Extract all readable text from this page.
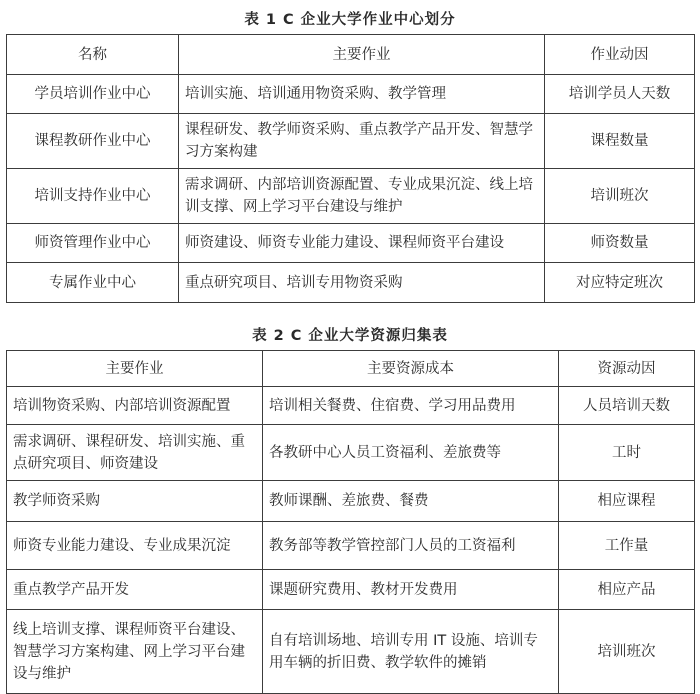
表 1 C 企业大学作业中心划分
名称	主要作业	作业动因
学员培训作业中心	培训实施、培训通用物资采购、教学管理	培训学员人天数
课程教研作业中心	课程研发、教学师资采购、重点教学产品开发、智慧学习方案构建	课程数量
培训支持作业中心	需求调研、内部培训资源配置、专业成果沉淀、线上培训支撑、网上学习平台建设与维护	培训班次
师资管理作业中心	师资建设、师资专业能力建设、课程师资平台建设	师资数量
专属作业中心	重点研究项目、培训专用物资采购	对应特定班次
表 2 C 企业大学资源归集表
主要作业	主要资源成本	资源动因
培训物资采购、内部培训资源配置	培训相关餐费、住宿费、学习用品费用	人员培训天数
需求调研、课程研发、培训实施、重点研究项目、师资建设	各教研中心人员工资福利、差旅费等	工时
教学师资采购	教师课酬、差旅费、餐费	相应课程
师资专业能力建设、专业成果沉淀	教务部等教学管控部门人员的工资福利	工作量
重点教学产品开发	课题研究费用、教材开发费用	相应产品
线上培训支撑、课程师资平台建设、智慧学习方案构建、网上学习平台建设与维护	自有培训场地、培训专用 IT 设施、培训专用车辆的折旧费、教学软件的摊销	培训班次
